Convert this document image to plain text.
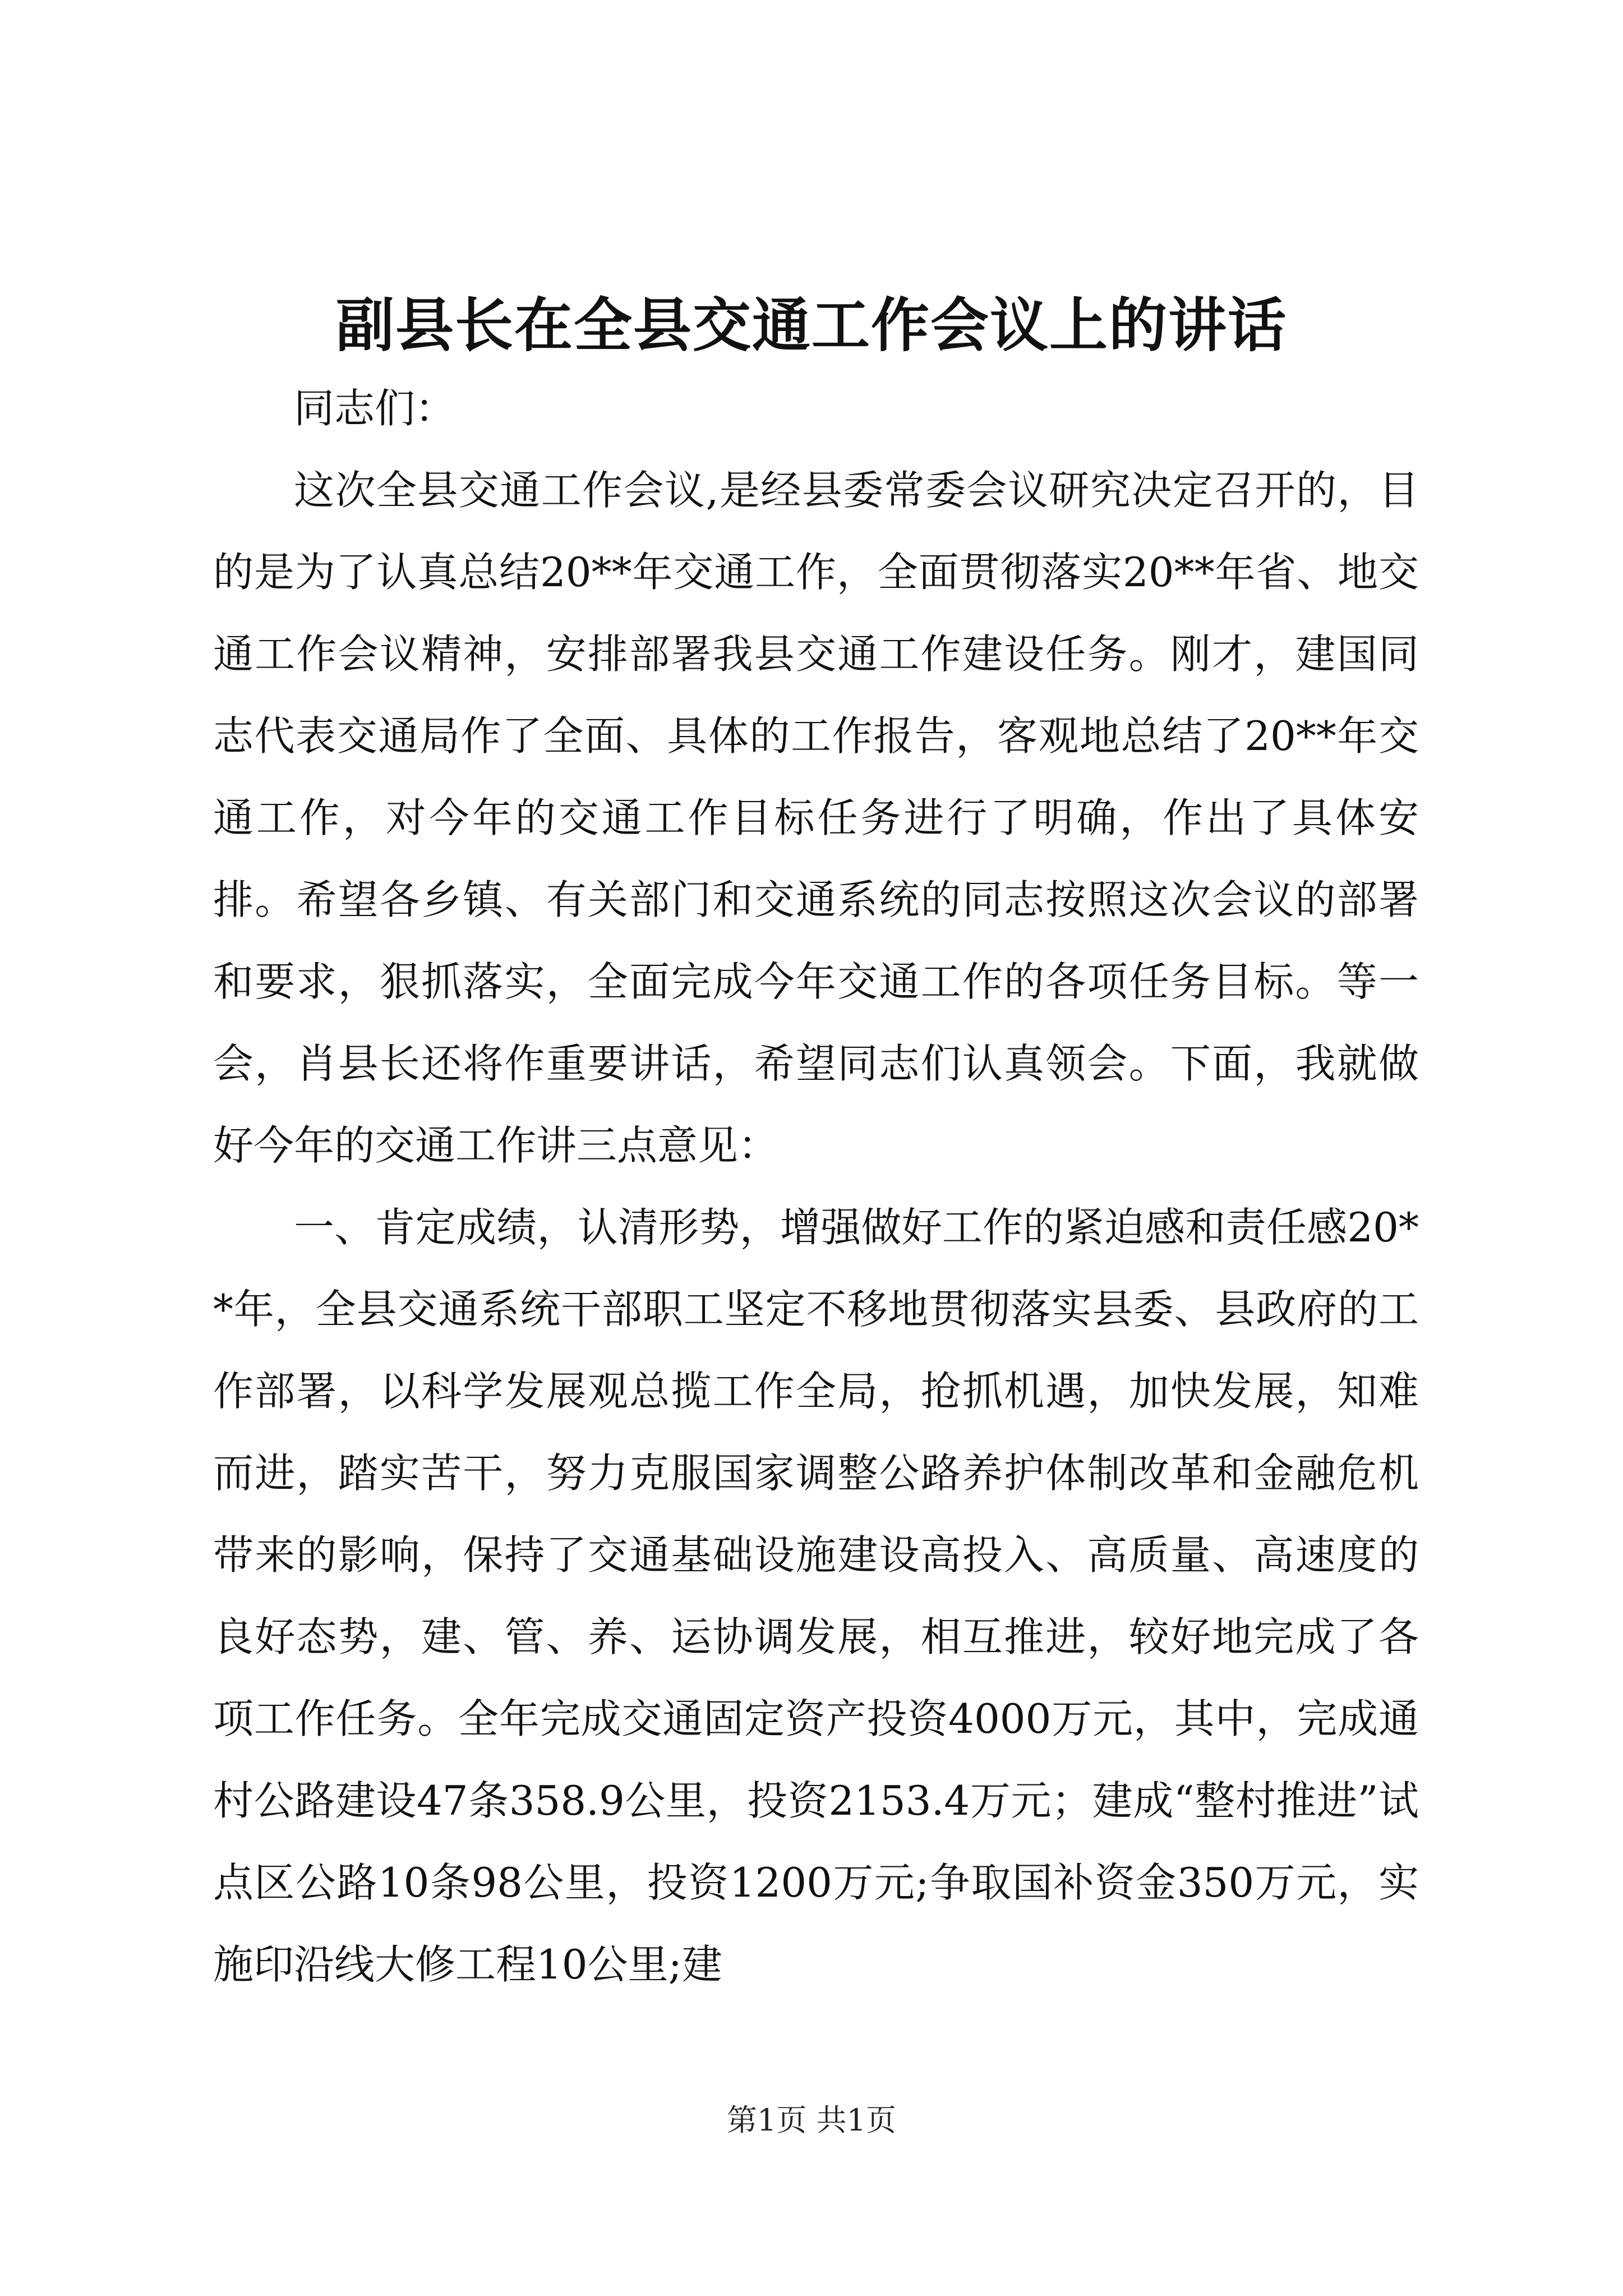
副县长在全县交通工作会议上的讲话

同志们：

这次全县交通工作会议,是经县委常委会议研究决定召开的，目的是为了认真总结20**年交通工作，全面贯彻落实20**年省、地交通工作会议精神，安排部署我县交通工作建设任务。刚才，建国同志代表交通局作了全面、具体的工作报告，客观地总结了20**年交通工作，对今年的交通工作目标任务进行了明确，作出了具体安排。希望各乡镇、有关部门和交通系统的同志按照这次会议的部署和要求，狠抓落实，全面完成今年交通工作的各项任务目标。等一会，肖县长还将作重要讲话，希望同志们认真领会。下面，我就做好今年的交通工作讲三点意见：

一、肯定成绩，认清形势，增强做好工作的紧迫感和责任感20**年，全县交通系统干部职工坚定不移地贯彻落实县委、县政府的工作部署，以科学发展观总揽工作全局，抢抓机遇，加快发展，知难而进，踏实苦干，努力克服国家调整公路养护体制改革和金融危机带来的影响，保持了交通基础设施建设高投入、高质量、高速度的良好态势，建、管、养、运协调发展，相互推进，较好地完成了各项工作任务。全年完成交通固定资产投资4000万元，其中，完成通村公路建设47条358.9公里，投资2153.4万元；建成“整村推进”试点区公路10条98公里，投资1200万元;争取国补资金350万元，实施印沿线大修工程10公里;建

第1页 共1页
